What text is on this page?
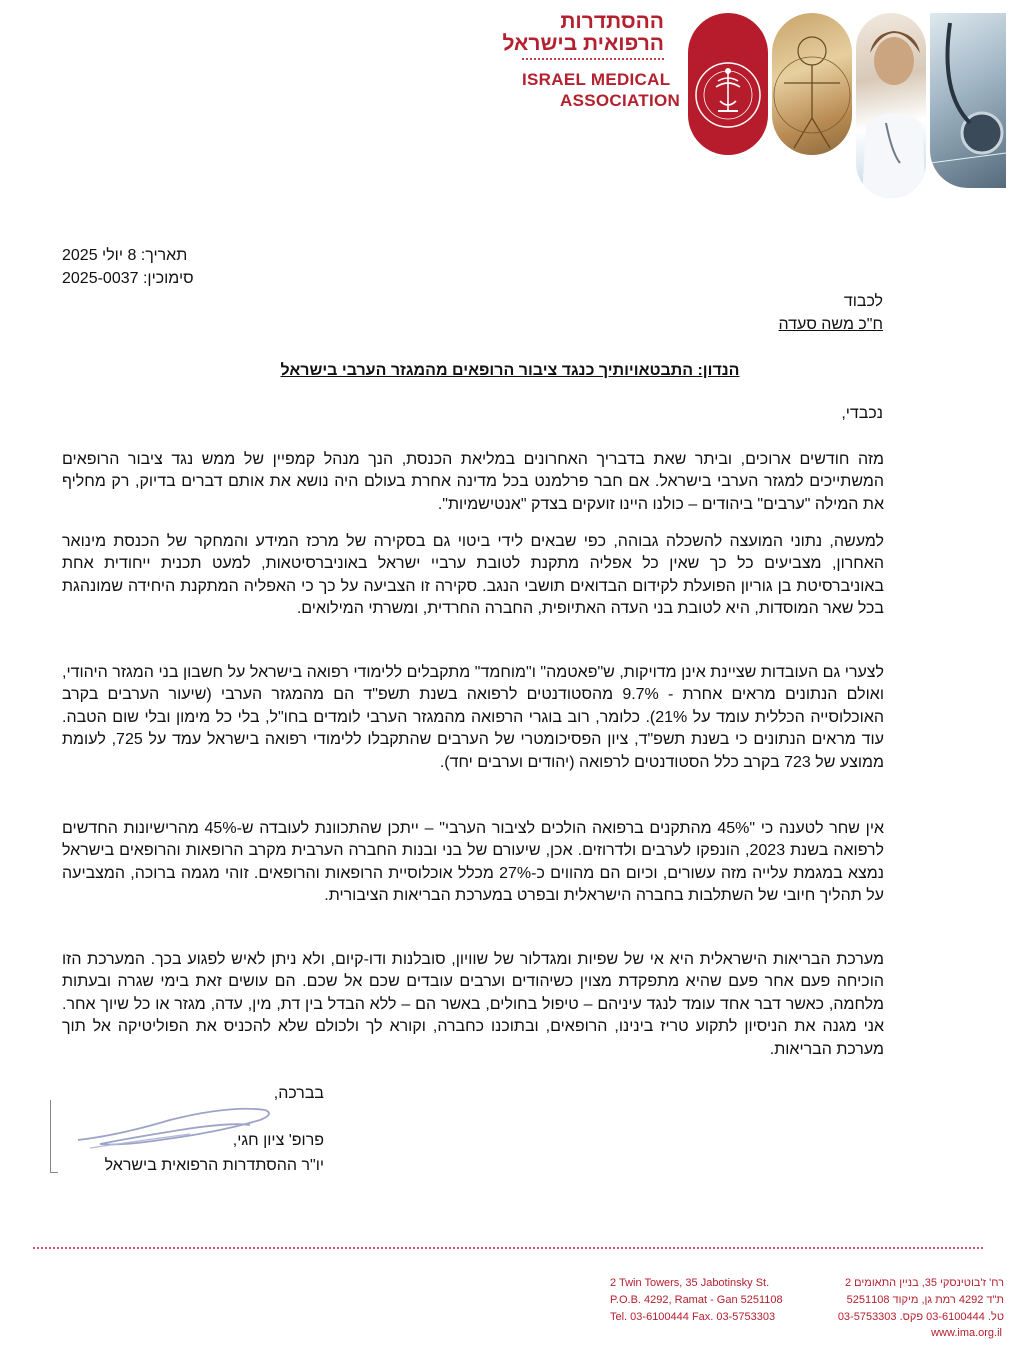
ההסתדרות
הרפואית בישראל
ISRAEL MEDICAL
ASSOCIATION
תאריך: 8 יולי 2025
סימוכין: 2025-0037
לכבוד
ח"כ משה סעדה
הנדון: התבטאויותיך כנגד ציבור הרופאים מהמגזר הערבי בישראל
נכבדי,
מזה חודשים ארוכים, וביתר שאת בדבריך האחרונים במליאת הכנסת, הנך מנהל קמפיין של ממש נגד ציבור הרופאים המשתייכים למגזר הערבי בישראל. אם חבר פרלמנט בכל מדינה אחרת בעולם היה נושא את אותם דברים בדיוק, רק מחליף את המילה "ערבים" ביהודים – כולנו היינו זועקים בצדק "אנטישמיות".
למעשה, נתוני המועצה להשכלה גבוהה, כפי שבאים לידי ביטוי גם בסקירה של מרכז המידע והמחקר של הכנסת מינואר האחרון, מצביעים כל כך שאין כל אפליה מתקנת לטובת ערביי ישראל באוניברסיטאות, למעט תכנית ייחודית אחת באוניברסיטת בן גוריון הפועלת לקידום הבדואים תושבי הנגב. סקירה זו הצביעה על כך כי האפליה המתקנת היחידה שמונהגת בכל שאר המוסדות, היא לטובת בני העדה האתיופית, החברה החרדית, ומשרתי המילואים.
לצערי גם העובדות שציינת אינן מדויקות, ש"פאטמה" ו"מוחמד" מתקבלים ללימודי רפואה בישראל על חשבון בני המגזר היהודי, ואולם הנתונים מראים אחרת - 9.7% מהסטודנטים לרפואה בשנת תשפ"ד הם מהמגזר הערבי (שיעור הערבים בקרב האוכלוסייה הכללית עומד על 21%). כלומר, רוב בוגרי הרפואה מהמגזר הערבי לומדים בחו"ל, בלי כל מימון ובלי שום הטבה. עוד מראים הנתונים כי בשנת תשפ"ד, ציון הפסיכומטרי של הערבים שהתקבלו ללימודי רפואה בישראל עמד על 725, לעומת ממוצע של 723 בקרב כלל הסטודנטים לרפואה (יהודים וערבים יחד).
אין שחר לטענה כי "45% מהתקנים ברפואה הולכים לציבור הערבי" – ייתכן שהתכוונת לעובדה ש-45% מהרישיונות החדשים לרפואה בשנת 2023, הונפקו לערבים ולדרוזים. אכן, שיעורם של בני ובנות החברה הערבית מקרב הרופאות והרופאים בישראל נמצא במגמת עלייה מזה עשורים, וכיום הם מהווים כ-27% מכלל אוכלוסיית הרופאות והרופאים. זוהי מגמה ברוכה, המצביעה על תהליך חיובי של השתלבות בחברה הישראלית ובפרט במערכת הבריאות הציבורית.
מערכת הבריאות הישראלית היא אי של שפיות ומגדלור של שוויון, סובלנות ודו-קיום, ולא ניתן לאיש לפגוע בכך. המערכת הזו הוכיחה פעם אחר פעם שהיא מתפקדת מצוין כשיהודים וערבים עובדים שכם אל שכם. הם עושים זאת בימי שגרה ובעתות מלחמה, כאשר דבר אחד עומד לנגד עיניהם – טיפול בחולים, באשר הם – ללא הבדל בין דת, מין, עדה, מגזר או כל שיוך אחר. אני מגנה את הניסיון לתקוע טריז בינינו, הרופאים, ובתוכנו כחברה, וקורא לך ולכולם שלא להכניס את הפוליטיקה אל תוך מערכת הבריאות.
בברכה,
פרופ' ציון חגי,
יו"ר ההסתדרות הרפואית בישראל
2 Twin Towers, 35 Jabotinsky St.
P.O.B. 4292, Ramat - Gan 5251108
Tel. 03-6100444 Fax. 03-5753303
רח' ז'בוטינסקי 35, בניין התאומים 2
ת"ד 4292 רמת גן, מיקוד 5251108
טל. 03-6100444 פקס. 03-5753303
www.ima.org.il
